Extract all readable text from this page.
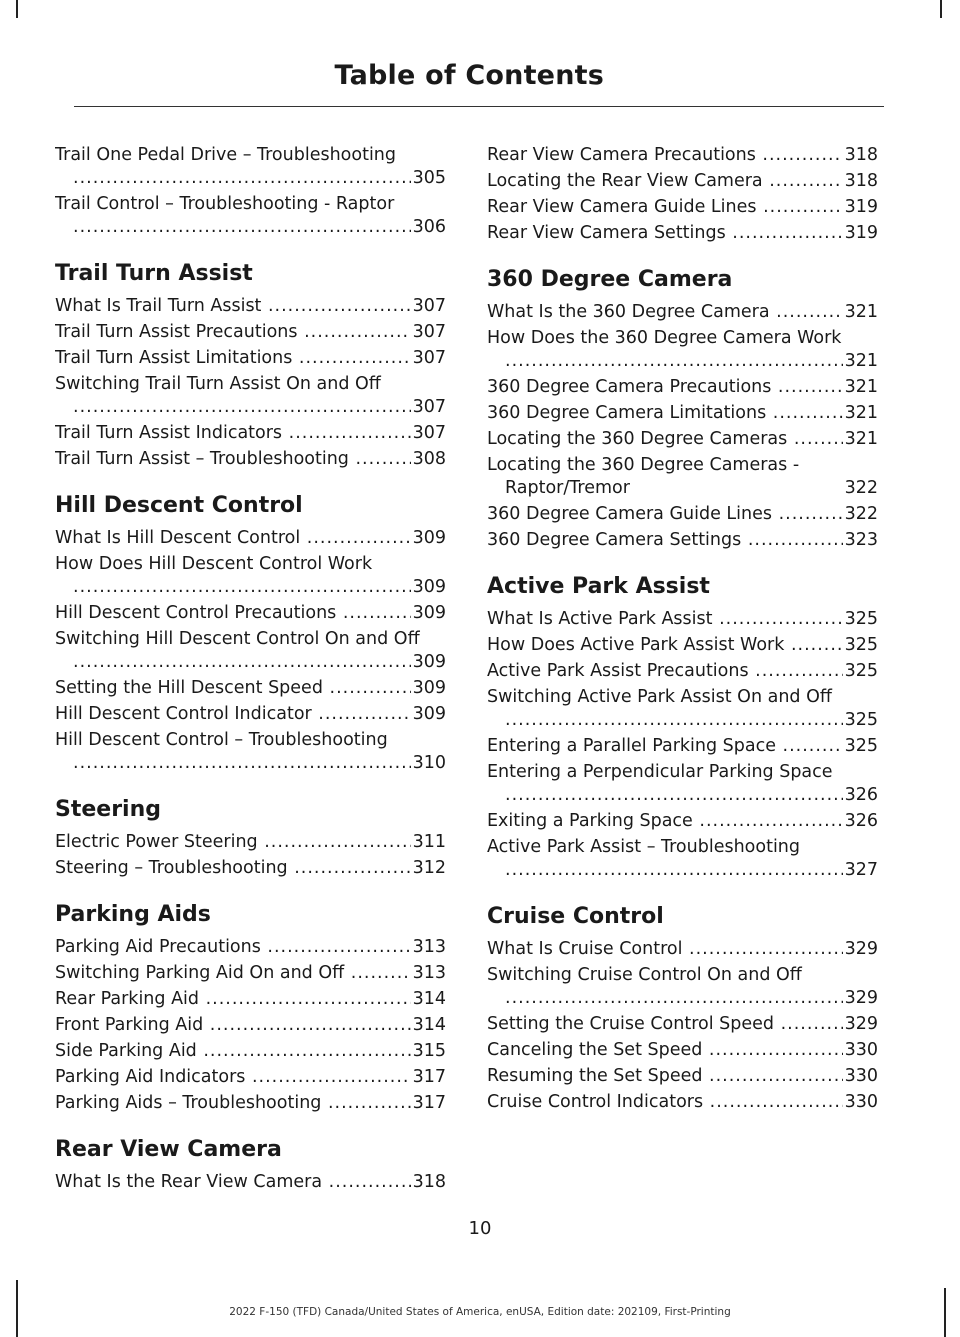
Table of Contents
Trail One Pedal Drive – Troubleshooting .....
305
Trail Control – Troubleshooting - Raptor .....
306
Trail Turn Assist
What Is Trail Turn Assist .....	307
Trail Turn Assist Precautions .....	307
Trail Turn Assist Limitations .....	307
Switching Trail Turn Assist On and Off .....
307
Trail Turn Assist Indicators .....	307
Trail Turn Assist – Troubleshooting .....	308
Hill Descent Control
What Is Hill Descent Control .....	309
How Does Hill Descent Control Work .....
309
Hill Descent Control Precautions .....	309
Switching Hill Descent Control On and Off .....
309
Setting the Hill Descent Speed .....	309
Hill Descent Control Indicator .....	309
Hill Descent Control – Troubleshooting .....
310
Steering
Electric Power Steering .....	311
Steering – Troubleshooting .....	312
Parking Aids
Parking Aid Precautions .....	313
Switching Parking Aid On and Off .....	313
Rear Parking Aid .....	314
Front Parking Aid .....	314
Side Parking Aid .....	315
Parking Aid Indicators .....	317
Parking Aids – Troubleshooting .....	317
Rear View Camera
What Is the Rear View Camera .....	318
Rear View Camera Precautions .....	318
Locating the Rear View Camera .....	318
Rear View Camera Guide Lines .....	319
Rear View Camera Settings .....	319
360 Degree Camera
What Is the 360 Degree Camera .....	321
How Does the 360 Degree Camera Work .....
321
360 Degree Camera Precautions .....	321
360 Degree Camera Limitations .....	321
Locating the 360 Degree Cameras .....	321
Locating the 360 Degree Cameras - Raptor/Tremor .....	322
360 Degree Camera Guide Lines .....	322
360 Degree Camera Settings .....	323
Active Park Assist
What Is Active Park Assist .....	325
How Does Active Park Assist Work .....	325
Active Park Assist Precautions .....	325
Switching Active Park Assist On and Off .....
325
Entering a Parallel Parking Space .....	325
Entering a Perpendicular Parking Space .....
326
Exiting a Parking Space .....	326
Active Park Assist – Troubleshooting .....
327
Cruise Control
What Is Cruise Control .....	329
Switching Cruise Control On and Off .....
329
Setting the Cruise Control Speed .....	329
Canceling the Set Speed .....	330
Resuming the Set Speed .....	330
Cruise Control Indicators .....	330
10
2022 F-150 (TFD) Canada/United States of America, enUSA, Edition date: 202109, First-Printing
